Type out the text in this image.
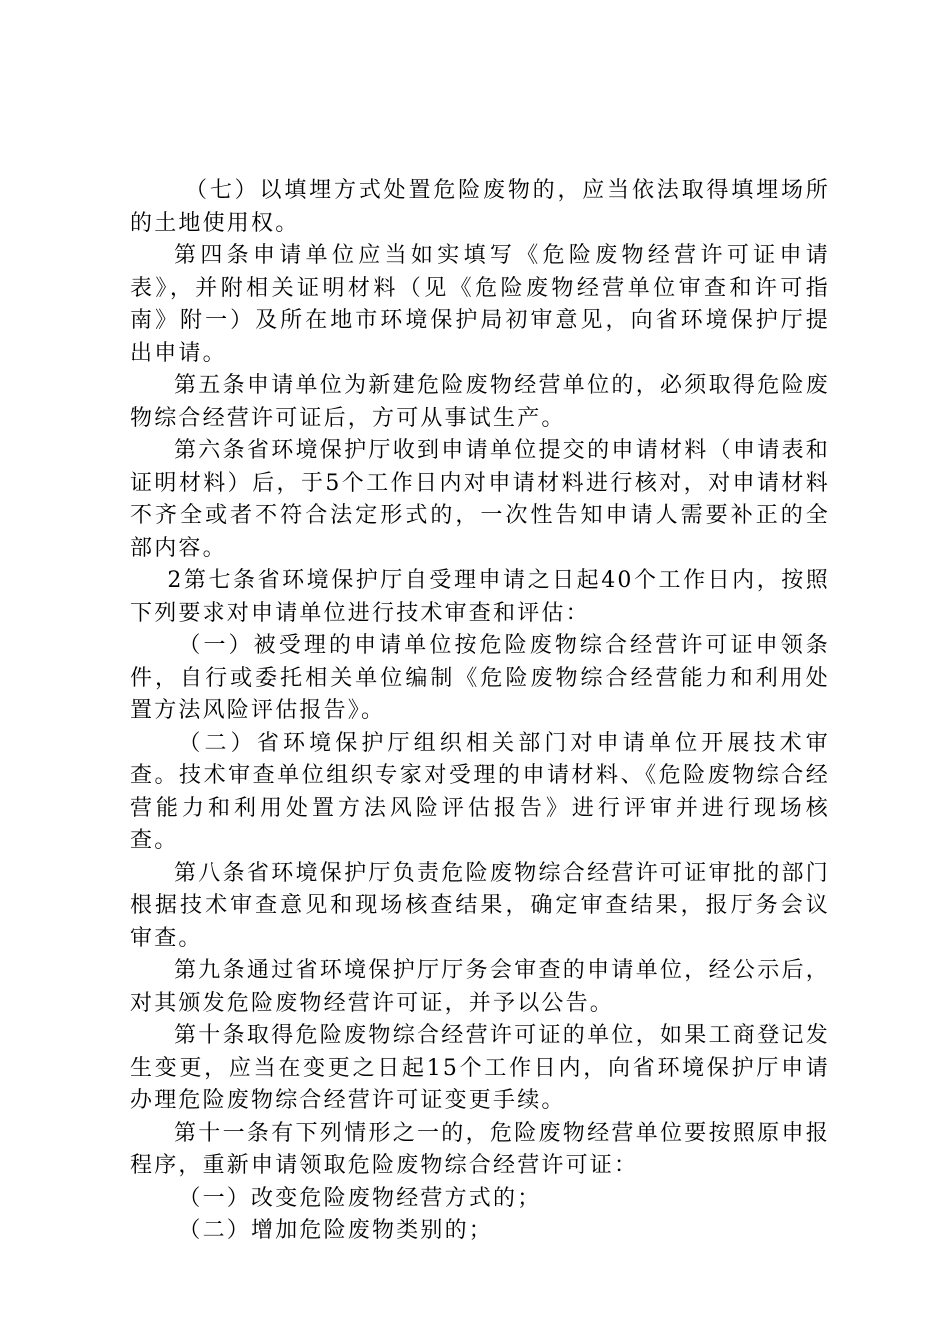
（七）以填埋方式处置危险废物的，应当依法取得填埋场所的土地使用权。

第四条申请单位应当如实填写《危险废物经营许可证申请表》，并附相关证明材料（见《危险废物经营单位审查和许可指南》附一）及所在地市环境保护局初审意见，向省环境保护厅提出申请。

第五条申请单位为新建危险废物经营单位的，必须取得危险废物综合经营许可证后，方可从事试生产。

第六条省环境保护厅收到申请单位提交的申请材料（申请表和证明材料）后，于5个工作日内对申请材料进行核对，对申请材料不齐全或者不符合法定形式的，一次性告知申请人需要补正的全部内容。

2第七条省环境保护厅自受理申请之日起40个工作日内，按照下列要求对申请单位进行技术审查和评估：

（一）被受理的申请单位按危险废物综合经营许可证申领条件，自行或委托相关单位编制《危险废物综合经营能力和利用处置方法风险评估报告》。

（二）省环境保护厅组织相关部门对申请单位开展技术审查。技术审查单位组织专家对受理的申请材料、《危险废物综合经营能力和利用处置方法风险评估报告》进行评审并进行现场核查。

第八条省环境保护厅负责危险废物综合经营许可证审批的部门根据技术审查意见和现场核查结果，确定审查结果，报厅务会议审查。

第九条通过省环境保护厅厅务会审查的申请单位，经公示后，对其颁发危险废物经营许可证，并予以公告。

第十条取得危险废物综合经营许可证的单位，如果工商登记发生变更，应当在变更之日起15个工作日内，向省环境保护厅申请办理危险废物综合经营许可证变更手续。

第十一条有下列情形之一的，危险废物经营单位要按照原申报程序，重新申请领取危险废物综合经营许可证：

（一）改变危险废物经营方式的；

（二）增加危险废物类别的；
